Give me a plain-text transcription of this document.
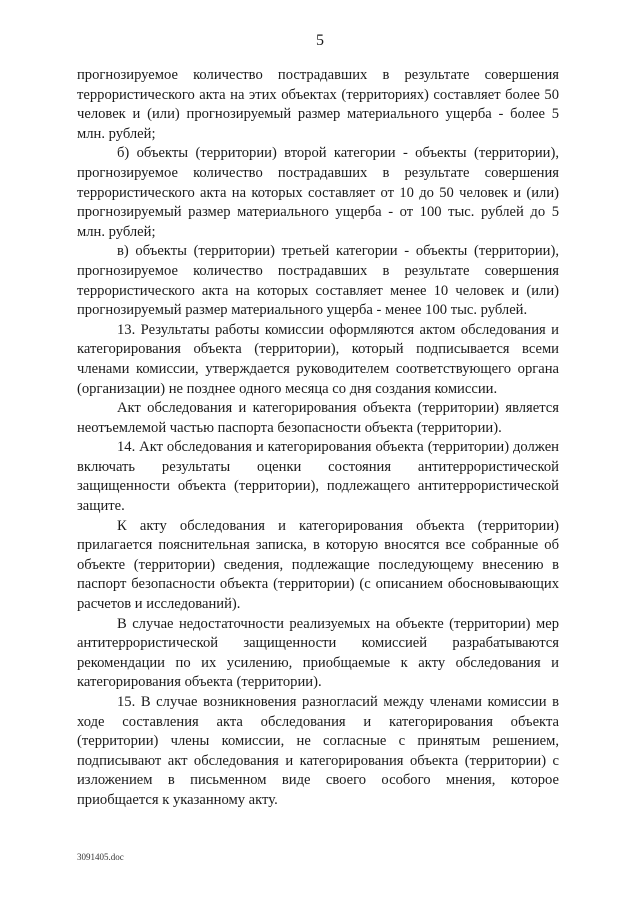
5

прогнозируемое количество пострадавших в результате совершения террористического акта на этих объектах (территориях) составляет более 50 человек и (или) прогнозируемый размер материального ущерба - более 5 млн. рублей;

б) объекты (территории) второй категории - объекты (территории), прогнозируемое количество пострадавших в результате совершения террористического акта на которых составляет от 10 до 50 человек и (или) прогнозируемый размер материального ущерба - от 100 тыс. рублей до 5 млн. рублей;

в) объекты (территории) третьей категории - объекты (территории), прогнозируемое количество пострадавших в результате совершения террористического акта на которых составляет менее 10 человек и (или) прогнозируемый размер материального ущерба - менее 100 тыс. рублей.

13. Результаты работы комиссии оформляются актом обследования и категорирования объекта (территории), который подписывается всеми членами комиссии, утверждается руководителем соответствующего органа (организации) не позднее одного месяца со дня создания комиссии.

Акт обследования и категорирования объекта (территории) является неотъемлемой частью паспорта безопасности объекта (территории).

14. Акт обследования и категорирования объекта (территории) должен включать результаты оценки состояния антитеррористической защищенности объекта (территории), подлежащего антитеррористической защите.

К акту обследования и категорирования объекта (территории) прилагается пояснительная записка, в которую вносятся все собранные об объекте (территории) сведения, подлежащие последующему внесению в паспорт безопасности объекта (территории) (с описанием обосновывающих расчетов и исследований).

В случае недостаточности реализуемых на объекте (территории) мер антитеррористической защищенности комиссией разрабатываются рекомендации по их усилению, приобщаемые к акту обследования и категорирования объекта (территории).

15. В случае возникновения разногласий между членами комиссии в ходе составления акта обследования и категорирования объекта (территории) члены комиссии, не согласные с принятым решением, подписывают акт обследования и категорирования объекта (территории) с изложением в письменном виде своего особого мнения, которое приобщается к указанному акту.

3091405.doc
